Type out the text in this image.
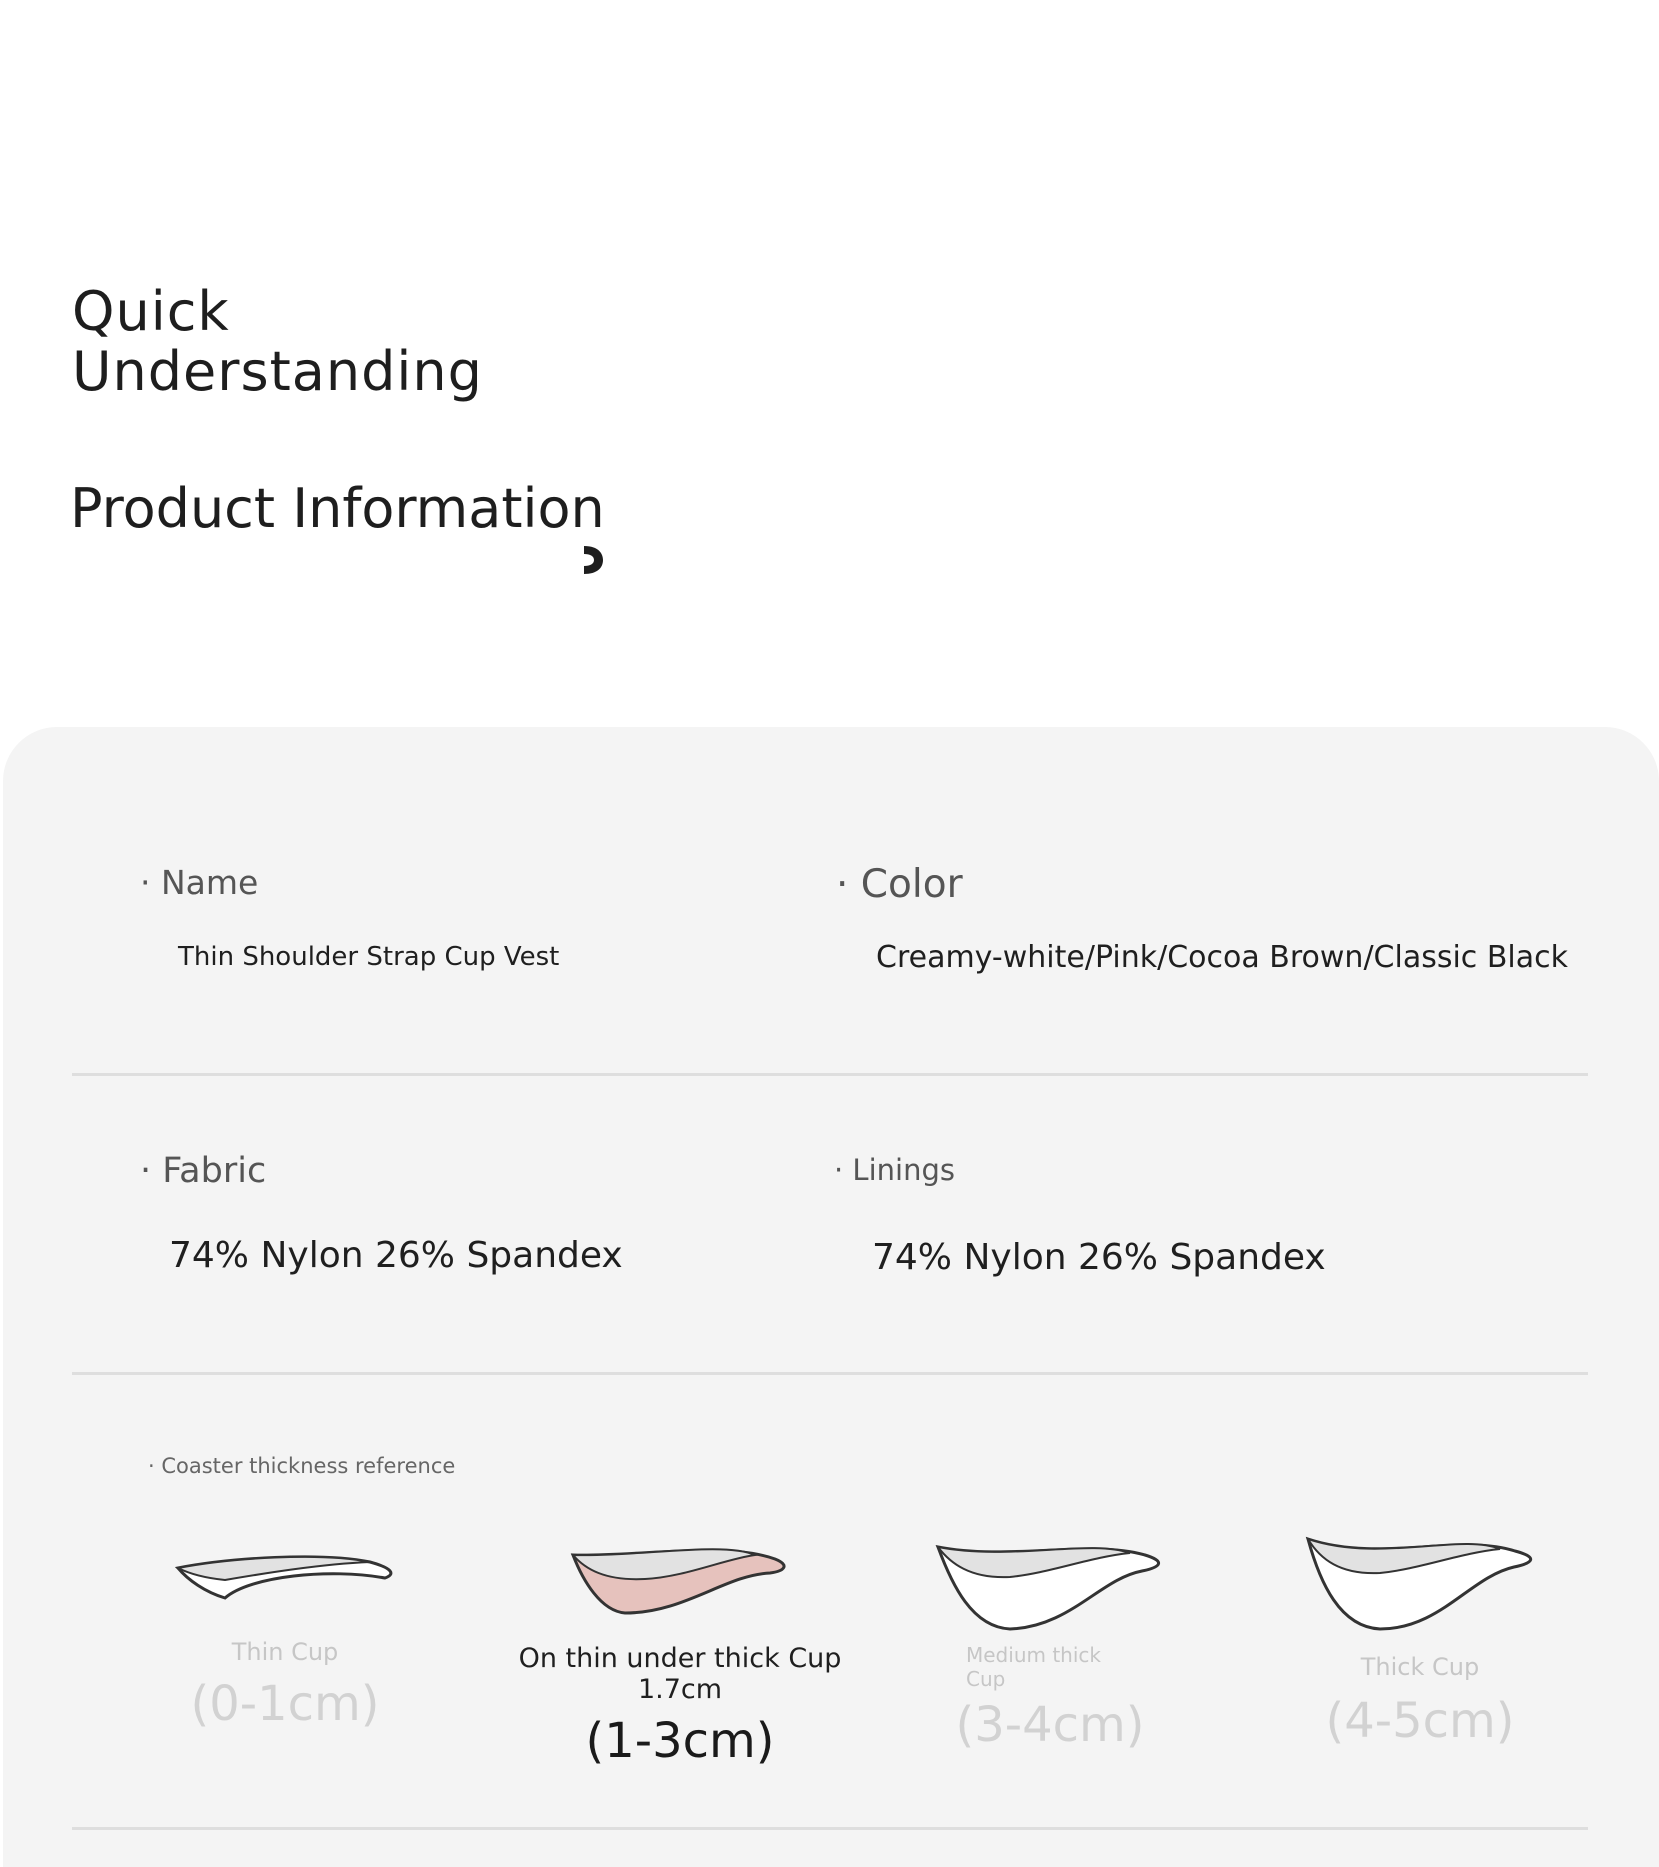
Quick
Understanding
Product Information

· Name

Thin Shoulder Strap Cup Vest

· Color

Creamy-white/Pink/Cocoa Brown/Classic Black

· Fabric

74% Nylon 26% Spandex

· Linings

74% Nylon 26% Spandex

· Coaster thickness reference

Thin Cup

(0-1cm)

On thin under thick Cup 1.7cm

(1-3cm)

Medium thick Cup

(3-4cm)

Thick Cup

(4-5cm)
